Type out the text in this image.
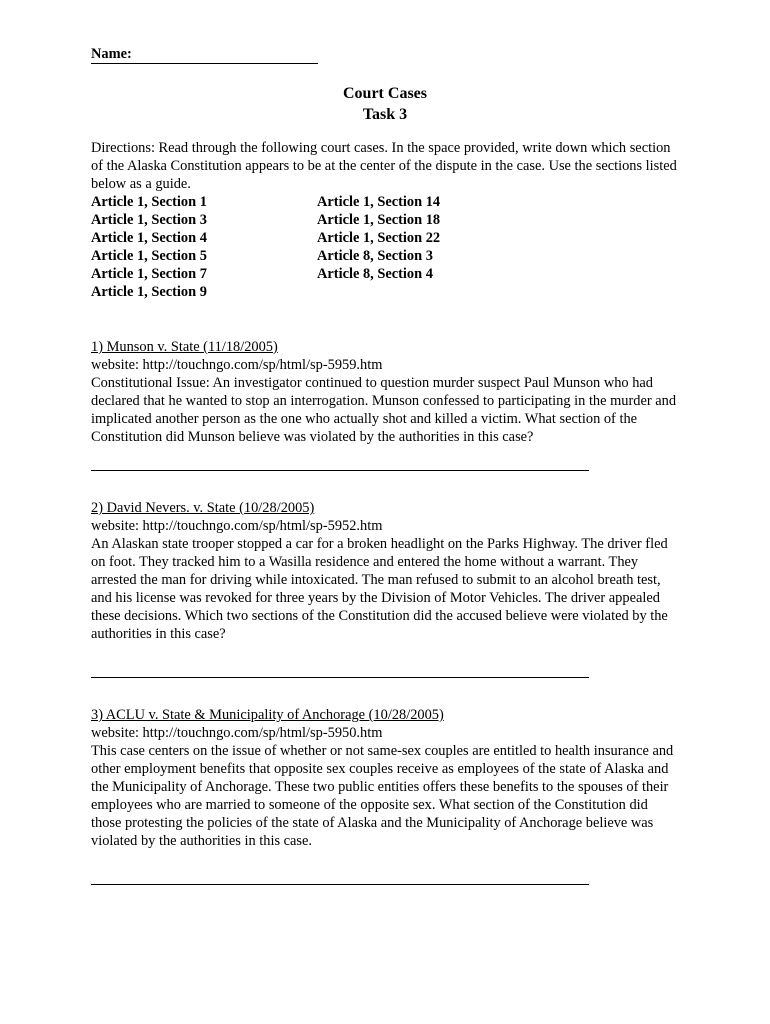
Name:
Court Cases
Task 3
Directions: Read through the following court cases. In the space provided, write down which section of the Alaska Constitution appears to be at the center of the dispute in the case. Use the sections listed below as a guide.
Article 1, Section 1
Article 1, Section 3
Article 1, Section 4
Article 1, Section 5
Article 1, Section 7
Article 1, Section 9
Article 1, Section 14
Article 1, Section 18
Article 1, Section 22
Article 8, Section 3
Article 8, Section 4
1) Munson v. State (11/18/2005)
website: http://touchngo.com/sp/html/sp-5959.htm
Constitutional Issue: An investigator continued to question murder suspect Paul Munson who had declared that he wanted to stop an interrogation. Munson confessed to participating in the murder and implicated another person as the one who actually shot and killed a victim. What section of the Constitution did Munson believe was violated by the authorities in this case?
2) David Nevers. v. State (10/28/2005)
website: http://touchngo.com/sp/html/sp-5952.htm
An Alaskan state trooper stopped a car for a broken headlight on the Parks Highway. The driver fled on foot. They tracked him to a Wasilla residence and entered the home without a warrant. They arrested the man for driving while intoxicated. The man refused to submit to an alcohol breath test, and his license was revoked for three years by the Division of Motor Vehicles. The driver appealed these decisions. Which two sections of the Constitution did the accused believe were violated by the authorities in this case?
3) ACLU v. State & Municipality of Anchorage (10/28/2005)
website: http://touchngo.com/sp/html/sp-5950.htm
This case centers on the issue of whether or not same-sex couples are entitled to health insurance and other employment benefits that opposite sex couples receive as employees of the state of Alaska and the Municipality of Anchorage. These two public entities offers these benefits to the spouses of their employees who are married to someone of the opposite sex. What section of the Constitution did those protesting the policies of the state of Alaska and the Municipality of Anchorage believe was violated by the authorities in this case.
